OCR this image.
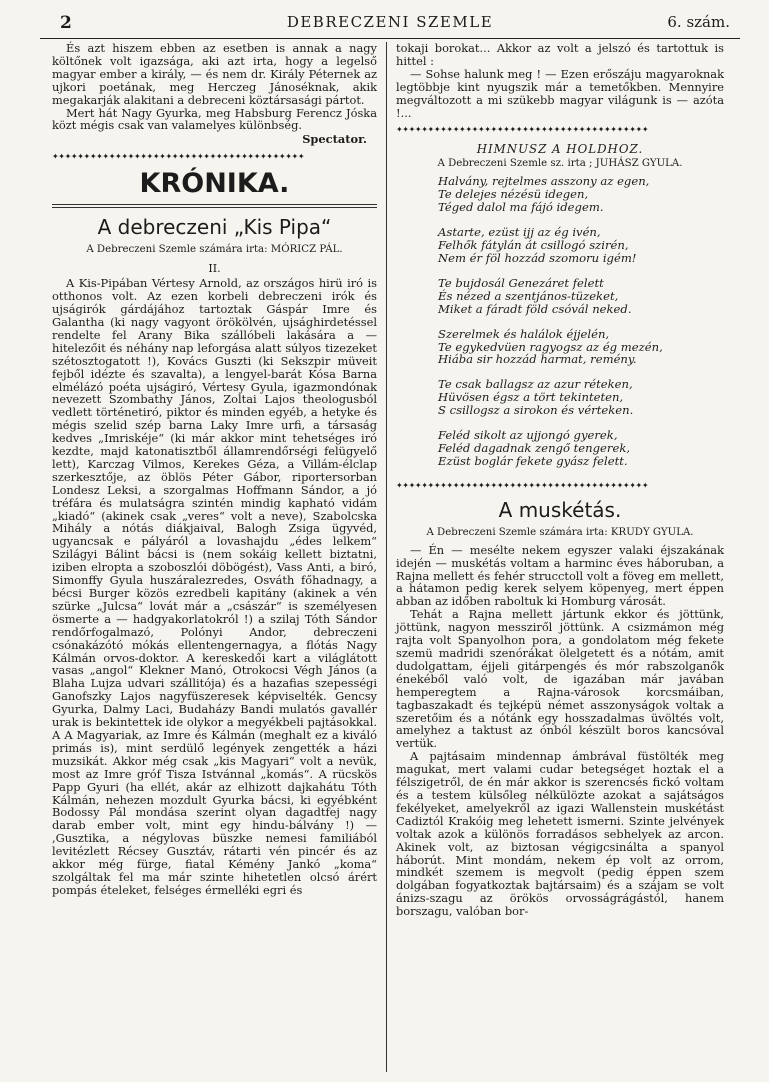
2	DEBRECZENI SZEMLE	6. szám.

És azt hiszem ebben az esetben is annak a nagy költőnek volt igazsága, aki azt irta, hogy a legelső magyar ember a király, — és nem dr. Király Péternek az ujkori poetának, meg Herczeg Jánoséknak, akik megakarják alakitani a debreceni köztársasági pártot.

Mert hát Nagy Gyurka, meg Habsburg Ferencz Jóska közt mégis csak van valamelyes különbség.

Spectator.
✦✦✦✦✦✦✦✦✦✦✦✦✦✦✦✦✦✦✦✦✦✦✦✦✦✦✦✦✦✦✦✦✦✦✦✦✦✦✦✦
KRÓNIKA.
A debreczeni „Kis Pipa“
A Debreczeni Szemle számára irta: MÓRICZ PÁL.
II.

A Kis-Pipában Vértesy Arnold, az országos hirü iró is otthonos volt. Az ezen korbeli debreczeni irók és ujságirók gárdájához tartoztak Gáspár Imre és Galantha (ki nagy vagyont örökölvén, ujsághirdetéssel rendelte fel Arany Bika szállóbeli lakására a — hitelezőit és néhány nap leforgása alatt súlyos tizezeket szétosztogatott !), Kovács Guszti (ki Sekszpir müveit fejből idézte és szavalta), a lengyel-barát Kósa Barna elmélázó poéta ujságiró, Vértesy Gyula, igazmondónak nevezett Szombathy János, Zoltai Lajos theologusból vedlett történetiró, piktor és minden egyéb, a hetyke és mégis szelid szép barna Laky Imre urfi, a társaság kedves „Imriskéje“ (ki már akkor mint tehetséges iró kezdte, majd katonatisztből államrendőrségi felügyelő lett), Karczag Vilmos, Kerekes Géza, a Villám-élclap szerkesztője, az öblös Péter Gábor, riportersorban Londesz Leksi, a szorgalmas Hoffmann Sándor, a jó tréfára és mulatságra szintén mindig kapható vidám „kiadó“ (akinek csak „veres“ volt a neve), Szabolcska Mihály a nótás diákjaival, Balogh Zsiga ügyvéd, ugyancsak e pályáról a lovashajdu „édes lelkem“ Szilágyi Bálint bácsi is (nem sokáig kellett biztatni, iziben elropta a szoboszlói döbögést), Vass Anti, a biró, Simonffy Gyula huszáralezredes, Osváth főhadnagy, a bécsi Burger közös ezredbeli kapitány (akinek a vén szürke „Julcsa“ lovát már a „császár“ is személyesen ösmerte a — hadgyakorlatokról !) a szilaj Tóth Sándor rendőrfogalmazó, Polónyi Andor, debreczeni csónakázótó mókás ellentengernagya, a flótás Nagy Kálmán orvos-doktor. A kereskedői kart a világlátott vasas „angol“ Klekner Manó, Otrokocsi Végh János (a Blaha Lujza udvari szállitója) és a hazafias szepességi Ganofszky Lajos nagyfüszeresek képviselték. Gencsy Gyurka, Dalmy Laci, Budaházy Bandi mulatós gavallér urak is bekintettek ide olykor a megyékbeli pajtásokkal. A A Magyariak, az Imre és Kálmán (meghalt ez a kiváló primás is), mint serdülő legények zengették a házi muzsikát. Akkor még csak „kis Magyari“ volt a nevük, most az Imre gróf Tisza Istvánnal „komás“. A rücskös Papp Gyuri (ha ellét, akár az elhizott dajkahátu Tóth Kálmán, nehezen mozdult Gyurka bácsi, ki egyébként Bodossy Pál mondása szerint olyan dagadtfej nagy darab ember volt, mint egy hindu-bálvány !) — ,Gusztika, a négylovas büszke nemesi familiából levitézlett Récsey Gusztáv, rátarti vén pincér és az akkor még fürge, fiatal Kémény Jankó „koma“ szolgáltak fel ma már szinte hihetetlen olcsó árért pompás ételeket, felséges érmelléki egri és

tokaji borokat... Akkor az volt a jelszó és tartottuk is hittel :

— Sohse halunk meg ! — Ezen erőszáju magyaroknak legtöbbje kint nyugszik már a temetőkben. Mennyire megváltozott a mi szükebb magyar világunk is — azóta !...

✦✦✦✦✦✦✦✦✦✦✦✦✦✦✦✦✦✦✦✦✦✦✦✦✦✦✦✦✦✦✦✦✦✦✦✦✦✦✦✦
HIMNUSZ A HOLDHOZ.
A Debreczeni Szemle sz. irta ; JUHÁSZ GYULA.
Halvány, rejtelmes asszony az egen,
Te delejes nézésü idegen,
Téged dalol ma fájó idegem.
Astarte, ezüst ijj az ég ivén,
Felhők fátylán át csillogó szirén,
Nem ér föl hozzád szomoru igém!
Te bujdosál Genezáret felett
És nézed a szentjános-tüzeket,
Miket a fáradt föld csóvál neked.
Szerelmek és halálok éjjelén,
Te egykedvüen ragyogsz az ég mezén,
Hiába sir hozzád harmat, remény.
Te csak ballagsz az azur réteken,
Hüvösen égsz a tört tekinteten,
S csillogsz a sirokon és vérteken.
Feléd sikolt az ujjongó gyerek,
Feléd dagadnak zengő tengerek,
Ezüst boglár fekete gyász felett.
✦✦✦✦✦✦✦✦✦✦✦✦✦✦✦✦✦✦✦✦✦✦✦✦✦✦✦✦✦✦✦✦✦✦✦✦✦✦✦✦
A muskétás.
A Debreczeni Szemle számára irta: KRUDY GYULA.

— Én — mesélte nekem egyszer valaki éjszakának idején — muskétás voltam a harminc éves háboruban, a Rajna mellett és fehér strucctoll volt a föveg em mellett, a hátamon pedig kerek selyem köpenyeg, mert éppen abban az időben raboltuk ki Homburg városát.

Tehát a Rajna mellett jártunk ekkor és jöttünk, jöttünk, nagyon messziről jöttünk. A csizmámon még rajta volt Spanyolhon pora, a gondolatom még fekete szemü madridi szenórákat ölelgetett és a nótám, amit dudolgattam, éjjeli gitárpengés és mór rabszolganők énekéből való volt, de igazában már javában hemperegtem a Rajna-városok korcsmáiban, tagbaszakadt és tejképü német asszonyságok voltak a szeretőim és a nótánk egy hosszadalmas üvöltés volt, amelyhez a taktust az ónból készült boros kancsóval vertük.

A pajtásaim mindennap ámbrával füstölték meg magukat, mert valami cudar betegséget hoztak el a félszigetről, de én már akkor is szerencsés fickó voltam és a testem külsőleg nélkülözte azokat a sajátságos fekélyeket, amelyekről az igazi Wallenstein muskétást Cadiztól Krakóig meg lehetett ismerni. Szinte jelvények voltak azok a különös forradásos sebhelyek az arcon. Akinek volt, az biztosan végigcsinálta a spanyol háborút. Mint mondám, nekem ép volt az orrom, mindkét szemem is megvolt (pedig éppen szem dolgában fogyatkoztak bajtársaim) és a szájam se volt ánizs-szagu az örökös orvosságrágástól, hanem borszagu, valóban bor-
